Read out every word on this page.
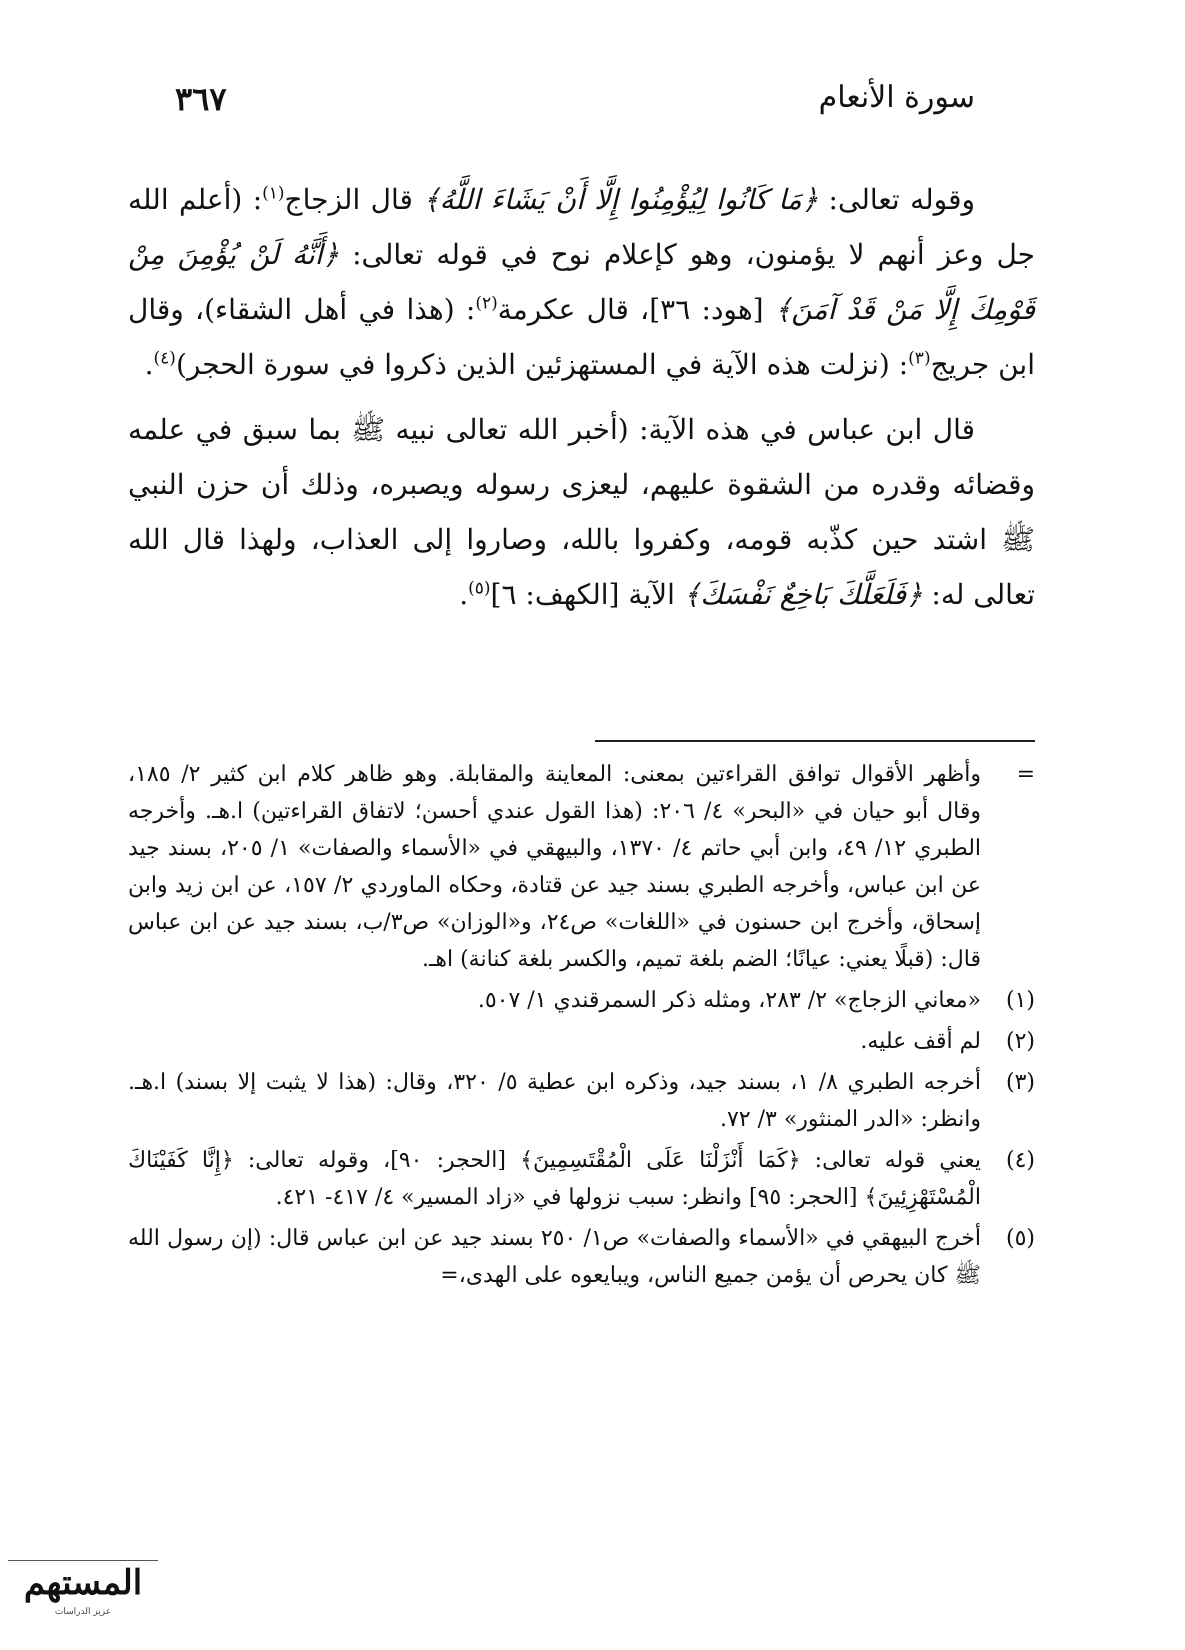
سورة الأنعام
٣٦٧

وقوله تعالى: ﴿مَا كَانُوا لِيُؤْمِنُوا إِلَّا أَنْ يَشَاءَ اللَّهُ﴾ قال الزجاج$^{(١)}$: (أعلم الله جل وعز أنهم لا يؤمنون، وهو كإعلام نوح في قوله تعالى: ﴿أَنَّهُ لَنْ يُؤْمِنَ مِنْ قَوْمِكَ إِلَّا مَنْ قَدْ آمَنَ﴾ [هود: ٣٦]، قال عكرمة$^{(٢)}$: (هذا في أهل الشقاء)، وقال ابن جريج$^{(٣)}$: (نزلت هذه الآية في المستهزئين الذين ذكروا في سورة الحجر)$^{(٤)}$.

قال ابن عباس في هذه الآية: (أخبر الله تعالى نبيه ﷺ بما سبق في علمه وقضائه وقدره من الشقوة عليهم، ليعزى رسوله ويصبره، وذلك أن حزن النبي ﷺ اشتد حين كذّبه قومه، وكفروا بالله، وصاروا إلى العذاب، ولهذا قال الله تعالى له: ﴿فَلَعَلَّكَ بَاخِعٌ نَفْسَكَ﴾ الآية [الكهف: ٦]$^{(٥)}$.

=
وأظهر الأقوال توافق القراءتين بمعنى: المعاينة والمقابلة. وهو ظاهر كلام ابن كثير ٢/ ١٨٥، وقال أبو حيان في «البحر» ٤/ ٢٠٦: (هذا القول عندي أحسن؛ لاتفاق القراءتين) ا.هـ. وأخرجه الطبري ١٢/ ٤٩، وابن أبي حاتم ٤/ ١٣٧٠، والبيهقي في «الأسماء والصفات» ١/ ٢٠٥، بسند جيد عن ابن عباس، وأخرجه الطبري بسند جيد عن قتادة، وحكاه الماوردي ٢/ ١٥٧، عن ابن زيد وابن إسحاق، وأخرج ابن حسنون في «اللغات» ص٢٤، و«الوزان» ص٣/ب، بسند جيد عن ابن عباس قال: (قبلًا يعني: عيانًا؛ الضم بلغة تميم، والكسر بلغة كنانة) اهـ.
(١)
«معاني الزجاج» ٢/ ٢٨٣، ومثله ذكر السمرقندي ١/ ٥٠٧.
(٢)
لم أقف عليه.
(٣)
أخرجه الطبري ٨/ ١، بسند جيد، وذكره ابن عطية ٥/ ٣٢٠، وقال: (هذا لا يثبت إلا بسند) ا.هـ. وانظر: «الدر المنثور» ٣/ ٧٢.
(٤)
يعني قوله تعالى: ﴿كَمَا أَنْزَلْنَا عَلَى الْمُقْتَسِمِينَ﴾ [الحجر: ٩٠]، وقوله تعالى: ﴿إِنَّا كَفَيْنَاكَ الْمُسْتَهْزِئِينَ﴾ [الحجر: ٩٥] وانظر: سبب نزولها في «زاد المسير» ٤/ ٤١٧- ٤٢١.
(٥)
أخرج البيهقي في «الأسماء والصفات» ص١/ ٢٥٠ بسند جيد عن ابن عباس قال: (إن رسول الله ﷺ كان يحرص أن يؤمن جميع الناس، ويبايعوه على الهدى،=
المستهم
عزيز الدراسات
